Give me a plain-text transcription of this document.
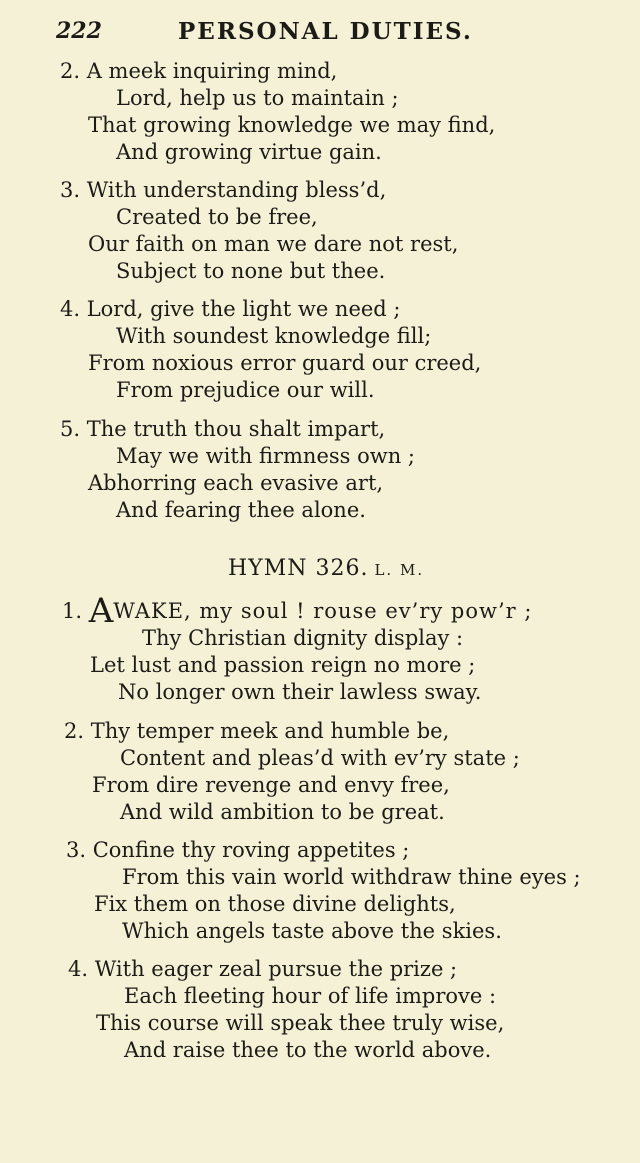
222	PERSONAL DUTIES.
2. A meek inquiring mind,
Lord, help us to maintain ;
That growing knowledge we may find,
And growing virtue gain.
3. With understanding bless’d,
Created to be free,
Our faith on man we dare not rest,
Subject to none but thee.
4. Lord, give the light we need ;
With soundest knowledge fill;
From noxious error guard our creed,
From prejudice our will.
5. The truth thou shalt impart,
May we with firmness own ;
Abhorring each evasive art,
And fearing thee alone.
HYMN 326. L. M.
1. AWAKE, my soul ! rouse ev’ry pow’r ;
Thy Christian dignity display :
Let lust and passion reign no more ;
No longer own their lawless sway.
2. Thy temper meek and humble be,
Content and pleas’d with ev’ry state ;
From dire revenge and envy free,
And wild ambition to be great.
3. Confine thy roving appetites ;
From this vain world withdraw thine eyes ;
Fix them on those divine delights,
Which angels taste above the skies.
4. With eager zeal pursue the prize ;
Each fleeting hour of life improve :
This course will speak thee truly wise,
And raise thee to the world above.
